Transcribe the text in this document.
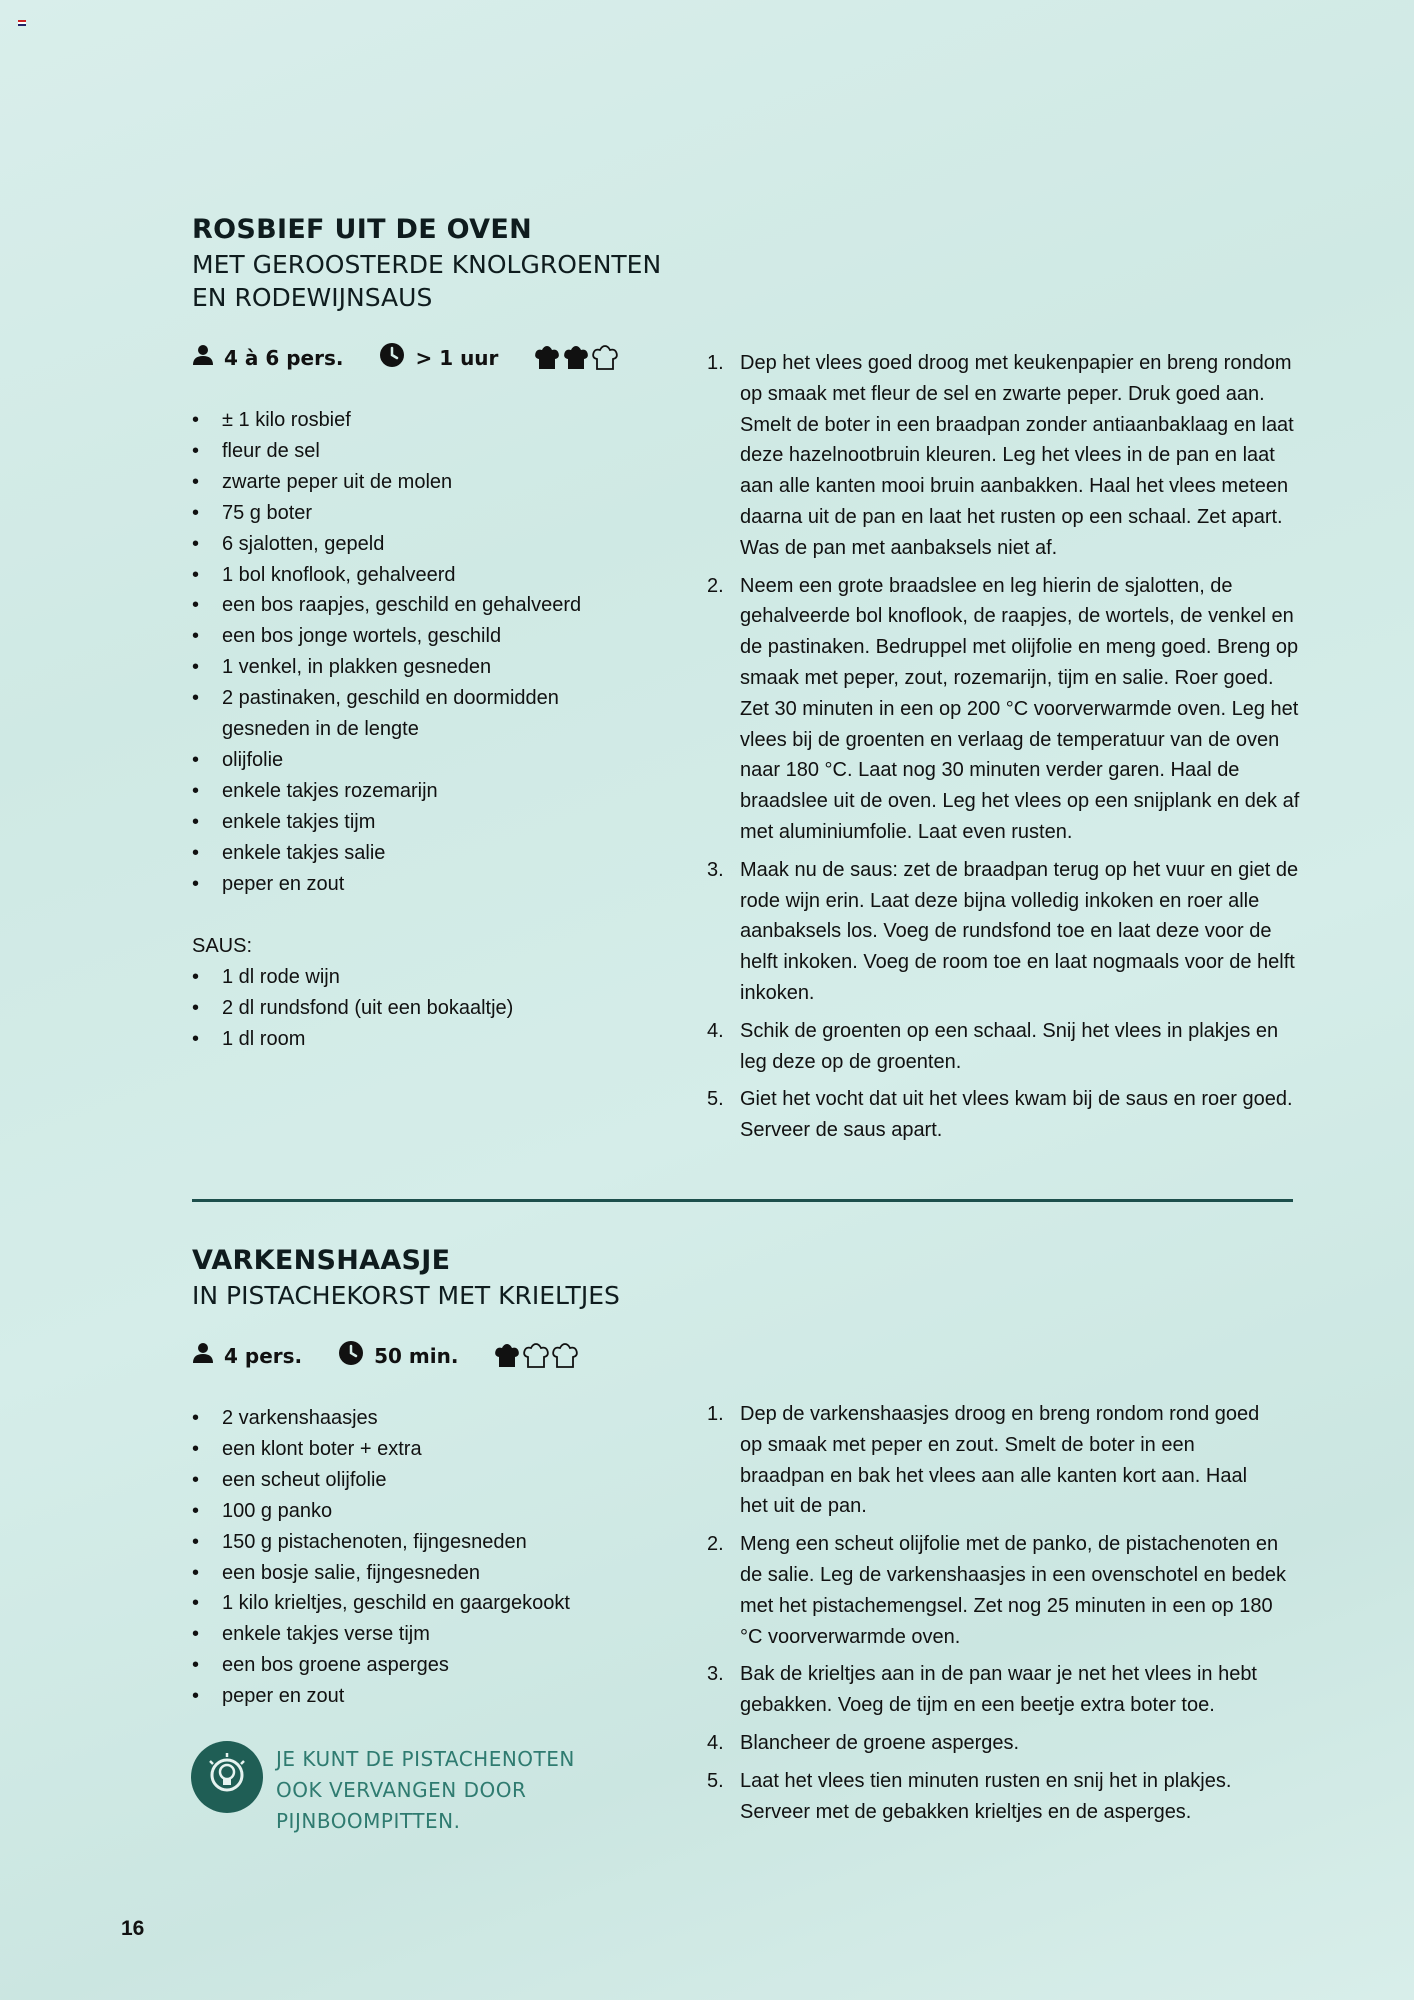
ROSBIEF UIT DE OVEN
MET GEROOSTERDE KNOLGROENTEN
EN RODEWIJNSAUS
4 à 6 pers.	> 1 uur
• ± 1 kilo rosbief
• fleur de sel
• zwarte peper uit de molen
• 75 g boter
• 6 sjalotten, gepeld
• 1 bol knoflook, gehalveerd
• een bos raapjes, geschild en gehalveerd
• een bos jonge wortels, geschild
• 1 venkel, in plakken gesneden
• 2 pastinaken, geschild en doormidden gesneden in de lengte
• olijfolie
• enkele takjes rozemarijn
• enkele takjes tijm
• enkele takjes salie
• peper en zout
SAUS:
• 1 dl rode wijn
• 2 dl rundsfond (uit een bokaaltje)
• 1 dl room
1. Dep het vlees goed droog met keukenpapier en breng rondom op smaak met fleur de sel en zwarte peper. Druk goed aan. Smelt de boter in een braadpan zonder antiaanbaklaag en laat deze hazelnootbruin kleuren. Leg het vlees in de pan en laat aan alle kanten mooi bruin aanbakken. Haal het vlees meteen daarna uit de pan en laat het rusten op een schaal. Zet apart. Was de pan met aanbaksels niet af.
2. Neem een grote braadslee en leg hierin de sjalotten, de gehalveerde bol knoflook, de raapjes, de wortels, de venkel en de pastinaken. Bedruppel met olijfolie en meng goed. Breng op smaak met peper, zout, rozemarijn, tijm en salie. Roer goed. Zet 30 minuten in een op 200 °C voorverwarmde oven. Leg het vlees bij de groenten en verlaag de temperatuur van de oven naar 180 °C. Laat nog 30 minuten verder garen. Haal de braadslee uit de oven. Leg het vlees op een snijplank en dek af met aluminiumfolie. Laat even rusten.
3. Maak nu de saus: zet de braadpan terug op het vuur en giet de rode wijn erin. Laat deze bijna volledig inkoken en roer alle aanbaksels los. Voeg de rundsfond toe en laat deze voor de helft inkoken. Voeg de room toe en laat nogmaals voor de helft inkoken.
4. Schik de groenten op een schaal. Snij het vlees in plakjes en leg deze op de groenten.
5. Giet het vocht dat uit het vlees kwam bij de saus en roer goed. Serveer de saus apart.
VARKENSHAASJE
IN PISTACHEKORST MET KRIELTJES
4 pers.	50 min.
• 2 varkenshaasjes
• een klont boter + extra
• een scheut olijfolie
• 100 g panko
• 150 g pistachenoten, fijngesneden
• een bosje salie, fijngesneden
• 1 kilo krieltjes, geschild en gaargekookt
• enkele takjes verse tijm
• een bos groene asperges
• peper en zout
1. Dep de varkenshaasjes droog en breng rondom rond goed op smaak met peper en zout. Smelt de boter in een braadpan en bak het vlees aan alle kanten kort aan. Haal het uit de pan.
2. Meng een scheut olijfolie met de panko, de pistachenoten en de salie. Leg de varkenshaasjes in een ovenschotel en bedek met het pistachemengsel. Zet nog 25 minuten in een op 180 °C voorverwarmde oven.
3. Bak de krieltjes aan in de pan waar je net het vlees in hebt gebakken. Voeg de tijm en een beetje extra boter toe.
4. Blancheer de groene asperges.
5. Laat het vlees tien minuten rusten en snij het in plakjes. Serveer met de gebakken krieltjes en de asperges.
JE KUNT DE PISTACHENOTEN
OOK VERVANGEN DOOR
PIJNBOOMPITTEN.
16
